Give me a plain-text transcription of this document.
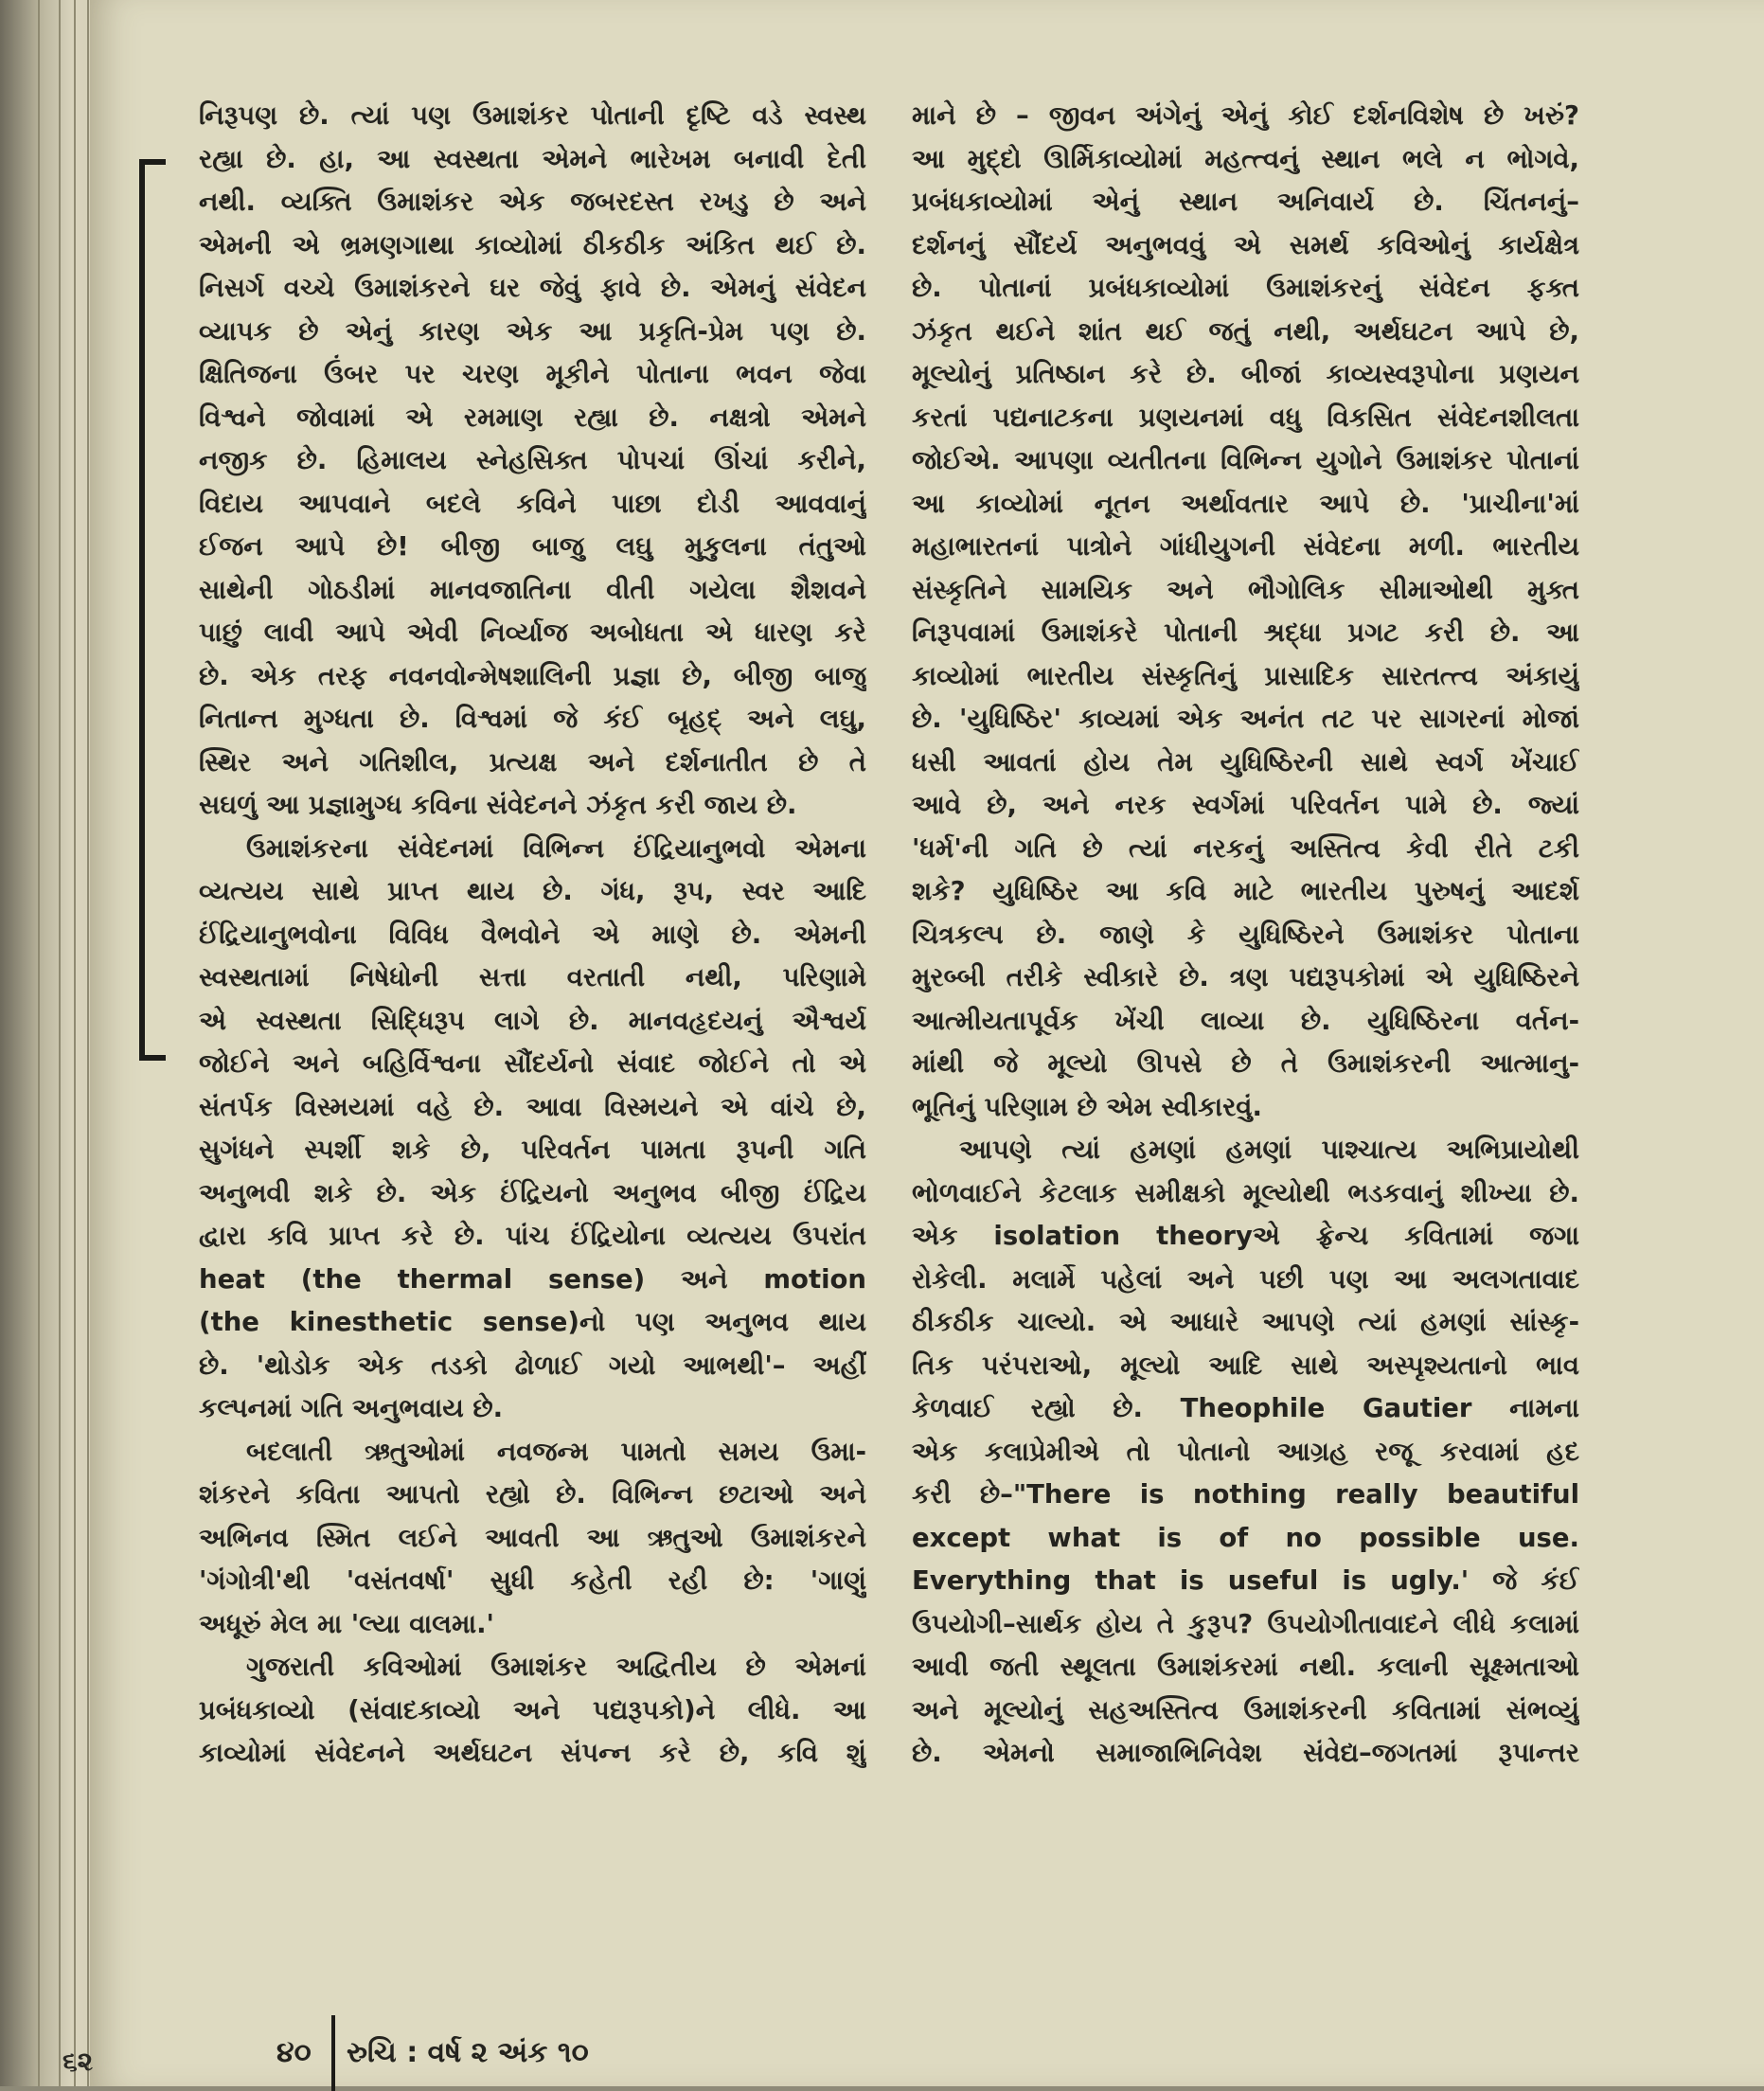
નિરૂપણ છે. ત્યાં પણ ઉમાશંકર પોતાની દૃષ્ટિ વડે સ્વસ્થ
રહ્યા છે. હા, આ સ્વસ્થતા એમને ભારેખમ બનાવી દેતી
નથી. વ્યક્તિ ઉમાશંકર એક જબરદસ્ત રખડુ છે અને
એમની એ ભ્રમણગાથા કાવ્યોમાં ઠીકઠીક અંકિત થઈ છે.
નિસર્ગ વચ્ચે ઉમાશંકરને ઘર જેવું ફાવે છે. એમનું સંવેદન
વ્યાપક છે એનું કારણ એક આ પ્રકૃતિ-પ્રેમ પણ છે.
ક્ષિતિજના ઉંબર પર ચરણ મૂકીને પોતાના ભવન જેવા
વિશ્વને જોવામાં એ રમમાણ રહ્યા છે. નક્ષત્રો એમને
નજીક છે. હિમાલય સ્નેહસિક્ત પોપચાં ઊંચાં કરીને,
વિદાય આપવાને બદલે કવિને પાછા દોડી આવવાનું
ઈજન આપે છે! બીજી બાજુ લઘુ મુકુલના તંતુઓ
સાથેની ગોઠડીમાં માનવજાતિના વીતી ગયેલા શૈશવને
પાછું લાવી આપે એવી નિર્વ્યાજ અબોધતા એ ધારણ કરે
છે. એક તરફ નવનવોન્મેષશાલિની પ્રજ્ઞા છે, બીજી બાજુ
નિતાન્ત મુગ્ધતા છે. વિશ્વમાં જે કંઈ બૃહદ્ અને લઘુ,
સ્થિર અને ગતિશીલ, પ્રત્યક્ષ અને દર્શનાતીત છે તે
સઘળું આ પ્રજ્ઞામુગ્ધ કવિના સંવેદનને ઝંકૃત કરી જાય છે.
ઉમાશંકરના સંવેદનમાં વિભિન્ન ઈંદ્રિયાનુભવો એમના
વ્યત્યય સાથે પ્રાપ્ત થાય છે. ગંધ, રૂપ, સ્વર આદિ
ઈંદ્રિયાનુભવોના વિવિધ વૈભવોને એ માણે છે. એમની
સ્વસ્થતામાં નિષેધોની સત્તા વરતાતી નથી, પરિણામે
એ સ્વસ્થતા સિદ્ધિરૂપ લાગે છે. માનવહૃદયનું ઐશ્વર્ય
જોઈને અને બહિર્વિશ્વના સૌંદર્યનો સંવાદ જોઈને તો એ
સંતર્પક વિસ્મયમાં વહે છે. આવા વિસ્મયને એ વાંચે છે,
સુગંધને સ્પર્શી શકે છે, પરિવર્તન પામતા રૂપની ગતિ
અનુભવી શકે છે. એક ઈંદ્રિયનો અનુભવ બીજી ઈંદ્રિય
દ્વારા કવિ પ્રાપ્ત કરે છે. પાંચ ઈંદ્રિયોના વ્યત્યય ઉપરાંત
heat (the thermal sense) અને motion
(the kinesthetic sense)નો પણ અનુભવ થાય
છે. 'થોડોક એક તડકો ઢોળાઈ ગયો આભથી'– અહીં
કલ્પનમાં ગતિ અનુભવાય છે.
બદલાતી ઋતુઓમાં નવજન્મ પામતો સમય ઉમા-
શંકરને કવિતા આપતો રહ્યો છે. વિભિન્ન છટાઓ અને
અભિનવ સ્મિત લઈને આવતી આ ઋતુઓ ઉમાશંકરને
'ગંગોત્રી'થી 'વસંતવર્ષા' સુધી કહેતી રહી છે: 'ગાણું
અધૂરું મેલ મા 'લ્યા વાલમા.'
ગુજરાતી કવિઓમાં ઉમાશંકર અદ્વિતીય છે એમનાં
પ્રબંધકાવ્યો (સંવાદકાવ્યો અને પદ્યરૂપકો)ને લીધે. આ
કાવ્યોમાં સંવેદનને અર્થઘટન સંપન્ન કરે છે, કવિ શું
માને છે – જીવન અંગેનું એનું કોઈ દર્શનવિશેષ છે ખરું?
આ મુદ્દો ઊર્મિકાવ્યોમાં મહત્ત્વનું સ્થાન ભલે ન ભોગવે,
પ્રબંધકાવ્યોમાં એનું સ્થાન અનિવાર્ય છે. ચિંતનનું–
દર્શનનું સૌંદર્ય અનુભવવું એ સમર્થ કવિઓનું કાર્યક્ષેત્ર
છે. પોતાનાં પ્રબંધકાવ્યોમાં ઉમાશંકરનું સંવેદન ફક્ત
ઝંકૃત થઈને શાંત થઈ જતું નથી, અર્થઘટન આપે છે,
મૂલ્યોનું પ્રતિષ્ઠાન કરે છે. બીજાં કાવ્યસ્વરૂપોના પ્રણયન
કરતાં પદ્યનાટકના પ્રણયનમાં વધુ વિકસિત સંવેદનશીલતા
જોઈએ. આપણા વ્યતીતના વિભિન્ન યુગોને ઉમાશંકર પોતાનાં
આ કાવ્યોમાં નૂતન અર્થાવતાર આપે છે. 'પ્રાચીના'માં
મહાભારતનાં પાત્રોને ગાંધીયુગની સંવેદના મળી. ભારતીય
સંસ્કૃતિને સામયિક અને ભૌગોલિક સીમાઓથી મુક્ત
નિરૂપવામાં ઉમાશંકરે પોતાની શ્રદ્ધા પ્રગટ કરી છે. આ
કાવ્યોમાં ભારતીય સંસ્કૃતિનું પ્રાસાદિક સારતત્ત્વ અંકાયું
છે. 'યુધિષ્ઠિર' કાવ્યમાં એક અનંત તટ પર સાગરનાં મોજાં
ધસી આવતાં હોય તેમ યુધિષ્ઠિરની સાથે સ્વર્ગ ખેંચાઈ
આવે છે, અને નરક સ્વર્ગમાં પરિવર્તન પામે છે. જ્યાં
'ધર્મ'ની ગતિ છે ત્યાં નરકનું અસ્તિત્વ કેવી રીતે ટકી
શકે? યુધિષ્ઠિર આ કવિ માટે ભારતીય પુરુષનું આદર્શ
ચિત્રકલ્પ છે. જાણે કે યુધિષ્ઠિરને ઉમાશંકર પોતાના
મુરબ્બી તરીકે સ્વીકારે છે. ત્રણ પદ્યરૂપકોમાં એ યુધિષ્ઠિરને
આત્મીયતાપૂર્વક ખેંચી લાવ્યા છે. યુધિષ્ઠિરના વર્તન-
માંથી જે મૂલ્યો ઊપસે છે તે ઉમાશંકરની આત્માનુ-
ભૂતિનું પરિણામ છે એમ સ્વીકારવું.
આપણે ત્યાં હમણાં હમણાં પાશ્ચાત્ય અભિપ્રાયોથી
ભોળવાઈને કેટલાક સમીક્ષકો મૂલ્યોથી ભડકવાનું શીખ્યા છે.
એક isolation theoryએ ફ્રેન્ચ કવિતામાં જગા
રોકેલી. મલાર્મે પહેલાં અને પછી પણ આ અલગતાવાદ
ઠીકઠીક ચાલ્યો. એ આધારે આપણે ત્યાં હમણાં સાંસ્કૃ-
તિક પરંપરાઓ, મૂલ્યો આદિ સાથે અસ્પૃશ્યતાનો ભાવ
કેળવાઈ રહ્યો છે. Theophile Gautier નામના
એક કલાપ્રેમીએ તો પોતાનો આગ્રહ રજૂ કરવામાં હદ
કરી છે–"There is nothing really beautiful
except what is of no possible use.
Everything that is useful is ugly.' જે કંઈ
ઉપયોગી–સાર્થક હોય તે કુરૂપ? ઉપયોગીતાવાદને લીધે કલામાં
આવી જતી સ્થૂલતા ઉમાશંકરમાં નથી. કલાની સૂક્ષ્મતાઓ
અને મૂલ્યોનું સહઅસ્તિત્વ ઉમાશંકરની કવિતામાં સંભવ્યું
છે. એમનો સમાજાભિનિવેશ સંવેદ્ય–જગતમાં રૂપાન્તર
૪૦ રુચિ : વર્ષ ૨ અંક ૧૦
૬૨
